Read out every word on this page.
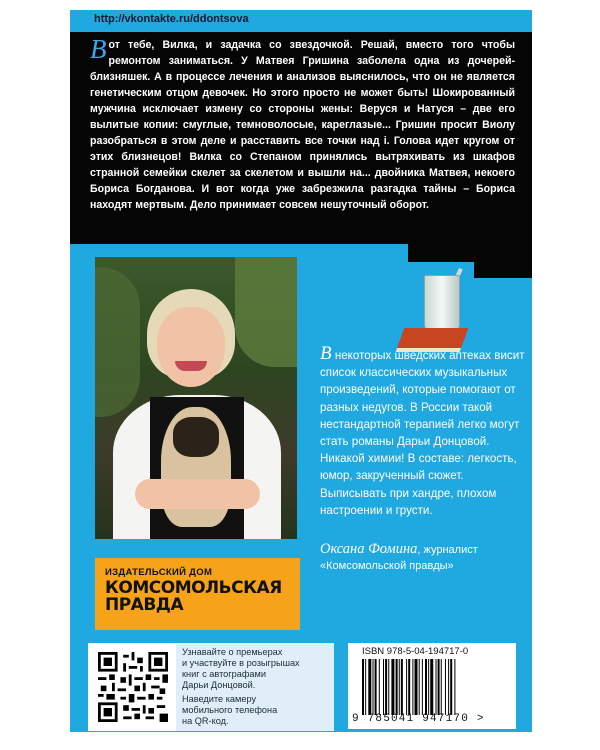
http://vkontakte.ru/ddontsova
Вот тебе, Вилка, и задачка со звездочкой. Решай, вместо того чтобы ремонтом заниматься. У Матвея Гришина заболела одна из дочерей-близняшек. А в процессе лечения и анализов выяснилось, что он не является генетическим отцом девочек. Но этого просто не может быть! Шокированный мужчина исключает измену со стороны жены: Веруся и Натуся – две его вылитые копии: смуглые, темноволосые, кареглазые... Гришин просит Виолу разобраться в этом деле и расставить все точки над i. Голова идет кругом от этих близнецов! Вилка со Степаном принялись вытряхивать из шкафов странной семейки скелет за скелетом и вышли на... двойника Матвея, некоего Бориса Богданова. И вот когда уже забрезжила разгадка тайны – Бориса находят мертвым. Дело принимает совсем нешуточный оборот.
В некоторых шведских аптеках висит список классических музыкальных произведений, которые помогают от разных недугов. В России такой нестандартной терапией легко могут стать романы Дарьи Донцовой. Никакой химии! В составе: легкость, юмор, закрученный сюжет. Выписывать при хандре, плохом настроении и грусти.
Оксана Фомина, журналист
«Комсомольской правды»
ИЗДАТЕЛЬСКИЙ ДОМ
КОМСОМОЛЬСКАЯ
ПРАВДА
Узнавайте о премьерах
и участвуйте в розыгрышах
книг с автографами
Дарьи Донцовой.
Наведите камеру
мобильного телефона
на QR-код.
ISBN 978-5-04-194717-0
9 785041 947170 >
